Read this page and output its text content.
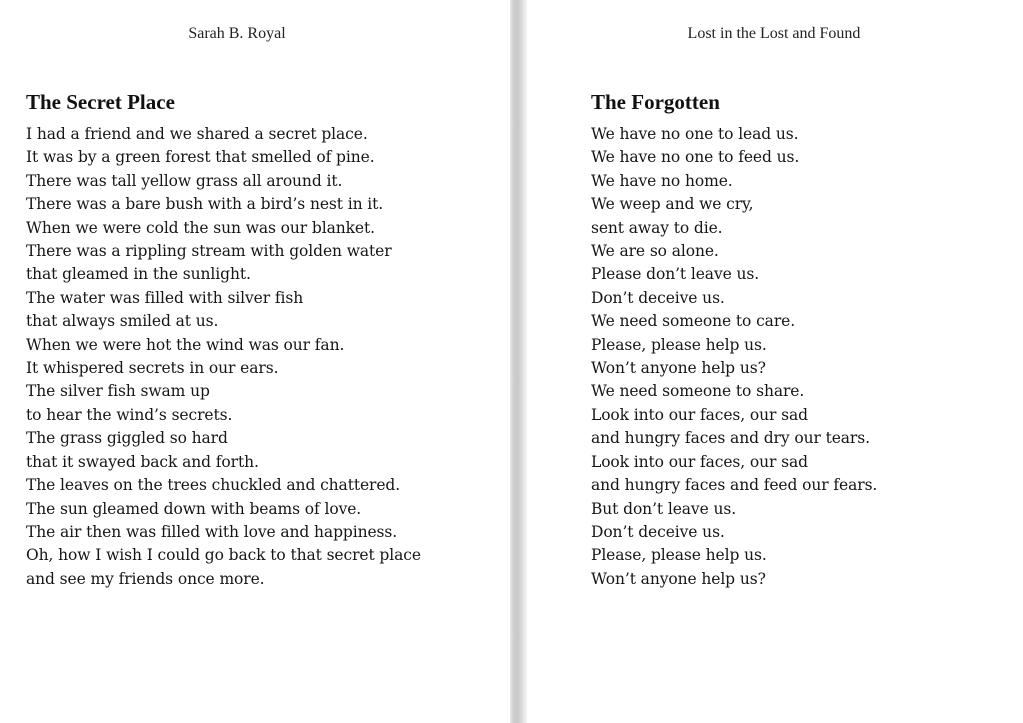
Sarah B. Royal
The Secret Place
I had a friend and we shared a secret place.
It was by a green forest that smelled of pine.
There was tall yellow grass all around it.
There was a bare bush with a bird’s nest in it.
When we were cold the sun was our blanket.
There was a rippling stream with golden water
that gleamed in the sunlight.
The water was filled with silver fish
that always smiled at us.
When we were hot the wind was our fan.
It whispered secrets in our ears.
The silver fish swam up
to hear the wind’s secrets.
The grass giggled so hard
that it swayed back and forth.
The leaves on the trees chuckled and chattered.
The sun gleamed down with beams of love.
The air then was filled with love and happiness.
Oh, how I wish I could go back to that secret place
and see my friends once more.
Lost in the Lost and Found
The Forgotten
We have no one to lead us.
We have no one to feed us.
We have no home.
We weep and we cry,
sent away to die.
We are so alone.
Please don’t leave us.
Don’t deceive us.
We need someone to care.
Please, please help us.
Won’t anyone help us?
We need someone to share.
Look into our faces, our sad
and hungry faces and dry our tears.
Look into our faces, our sad
and hungry faces and feed our fears.
But don’t leave us.
Don’t deceive us.
Please, please help us.
Won’t anyone help us?
